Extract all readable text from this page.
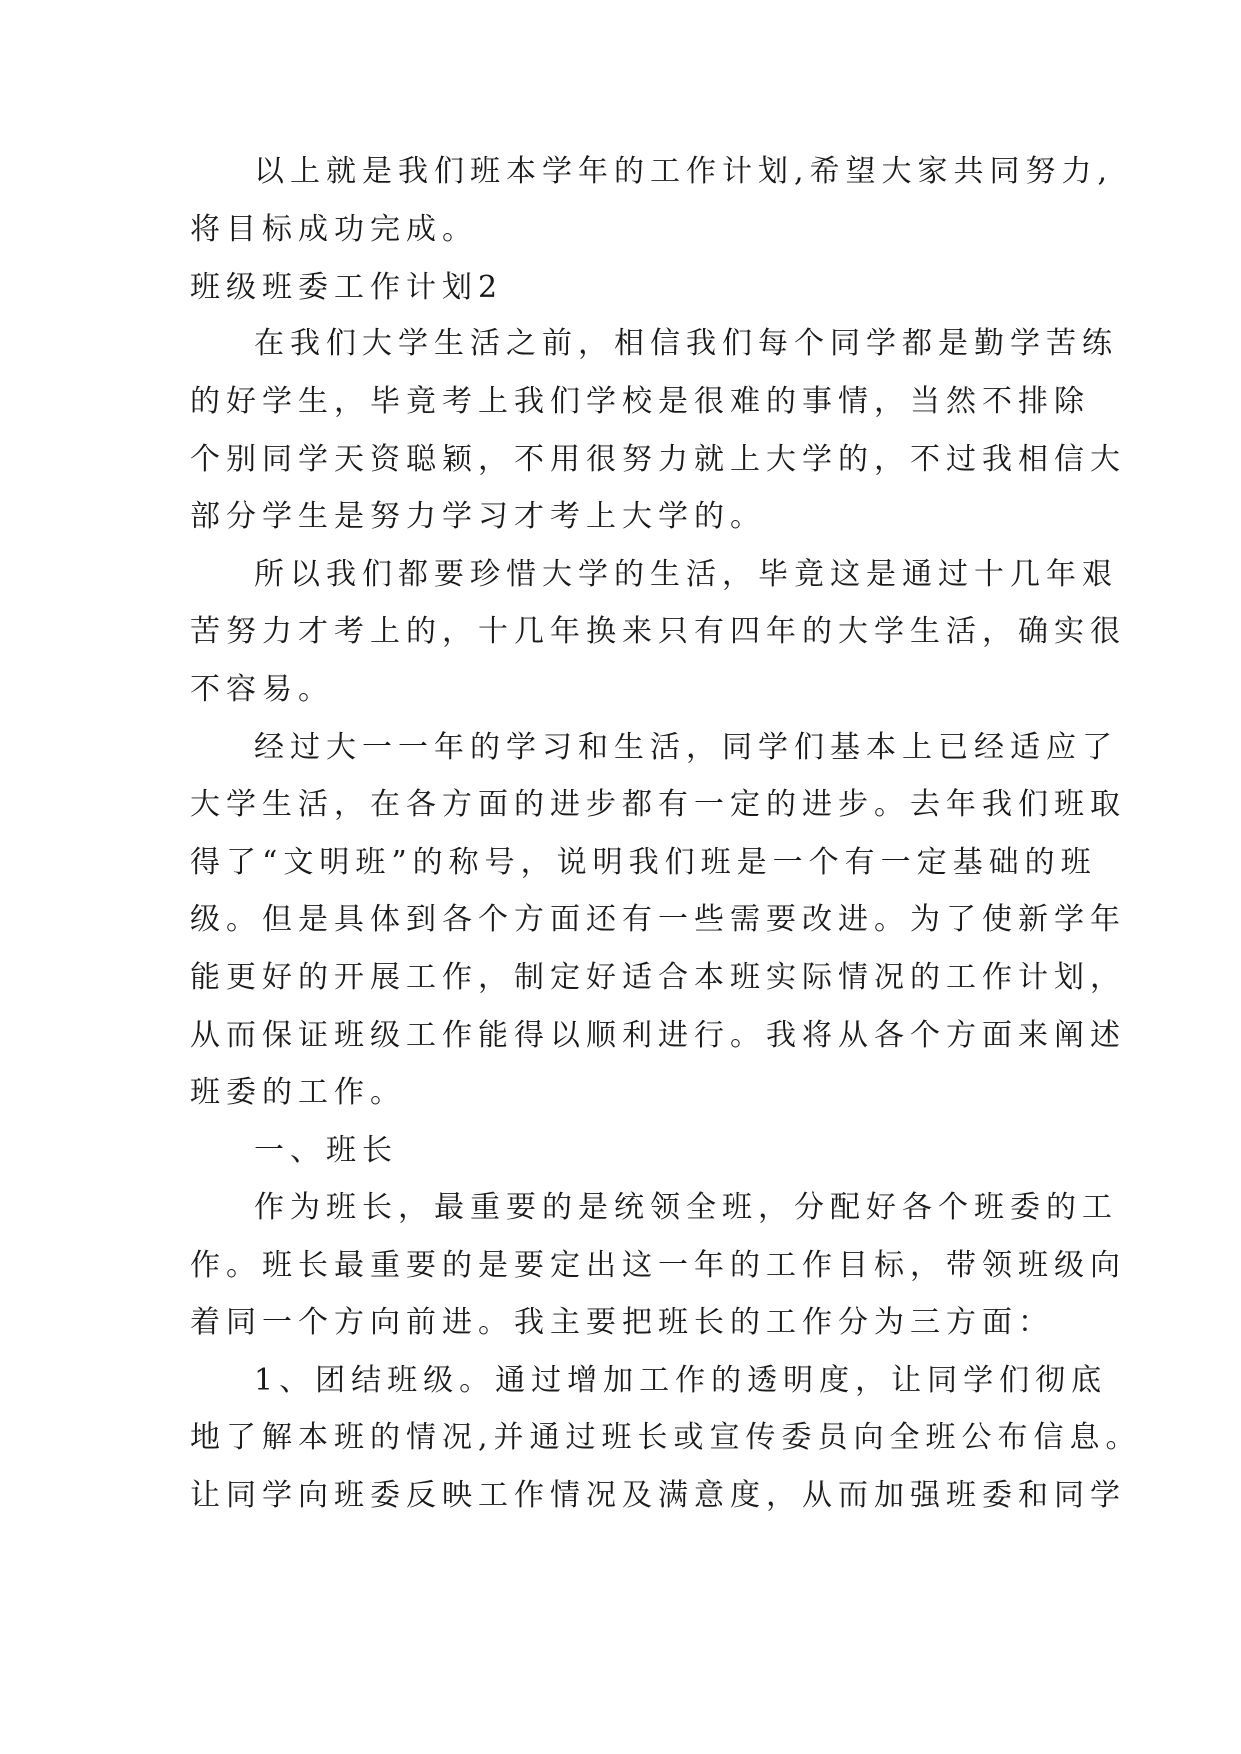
以上就是我们班本学年的工作计划,希望大家共同努力,
将目标成功完成。
班级班委工作计划2
在我们大学生活之前，相信我们每个同学都是勤学苦练
的好学生，毕竟考上我们学校是很难的事情，当然不排除
个别同学天资聪颖，不用很努力就上大学的，不过我相信大
部分学生是努力学习才考上大学的。
所以我们都要珍惜大学的生活，毕竟这是通过十几年艰
苦努力才考上的，十几年换来只有四年的大学生活，确实很
不容易。
经过大一一年的学习和生活，同学们基本上已经适应了
大学生活，在各方面的进步都有一定的进步。去年我们班取
得了“文明班”的称号，说明我们班是一个有一定基础的班
级。但是具体到各个方面还有一些需要改进。为了使新学年
能更好的开展工作，制定好适合本班实际情况的工作计划，
从而保证班级工作能得以顺利进行。我将从各个方面来阐述
班委的工作。
一、班长
作为班长，最重要的是统领全班，分配好各个班委的工
作。班长最重要的是要定出这一年的工作目标，带领班级向
着同一个方向前进。我主要把班长的工作分为三方面：
1、团结班级。通过增加工作的透明度，让同学们彻底
地了解本班的情况,并通过班长或宣传委员向全班公布信息。
让同学向班委反映工作情况及满意度，从而加强班委和同学
